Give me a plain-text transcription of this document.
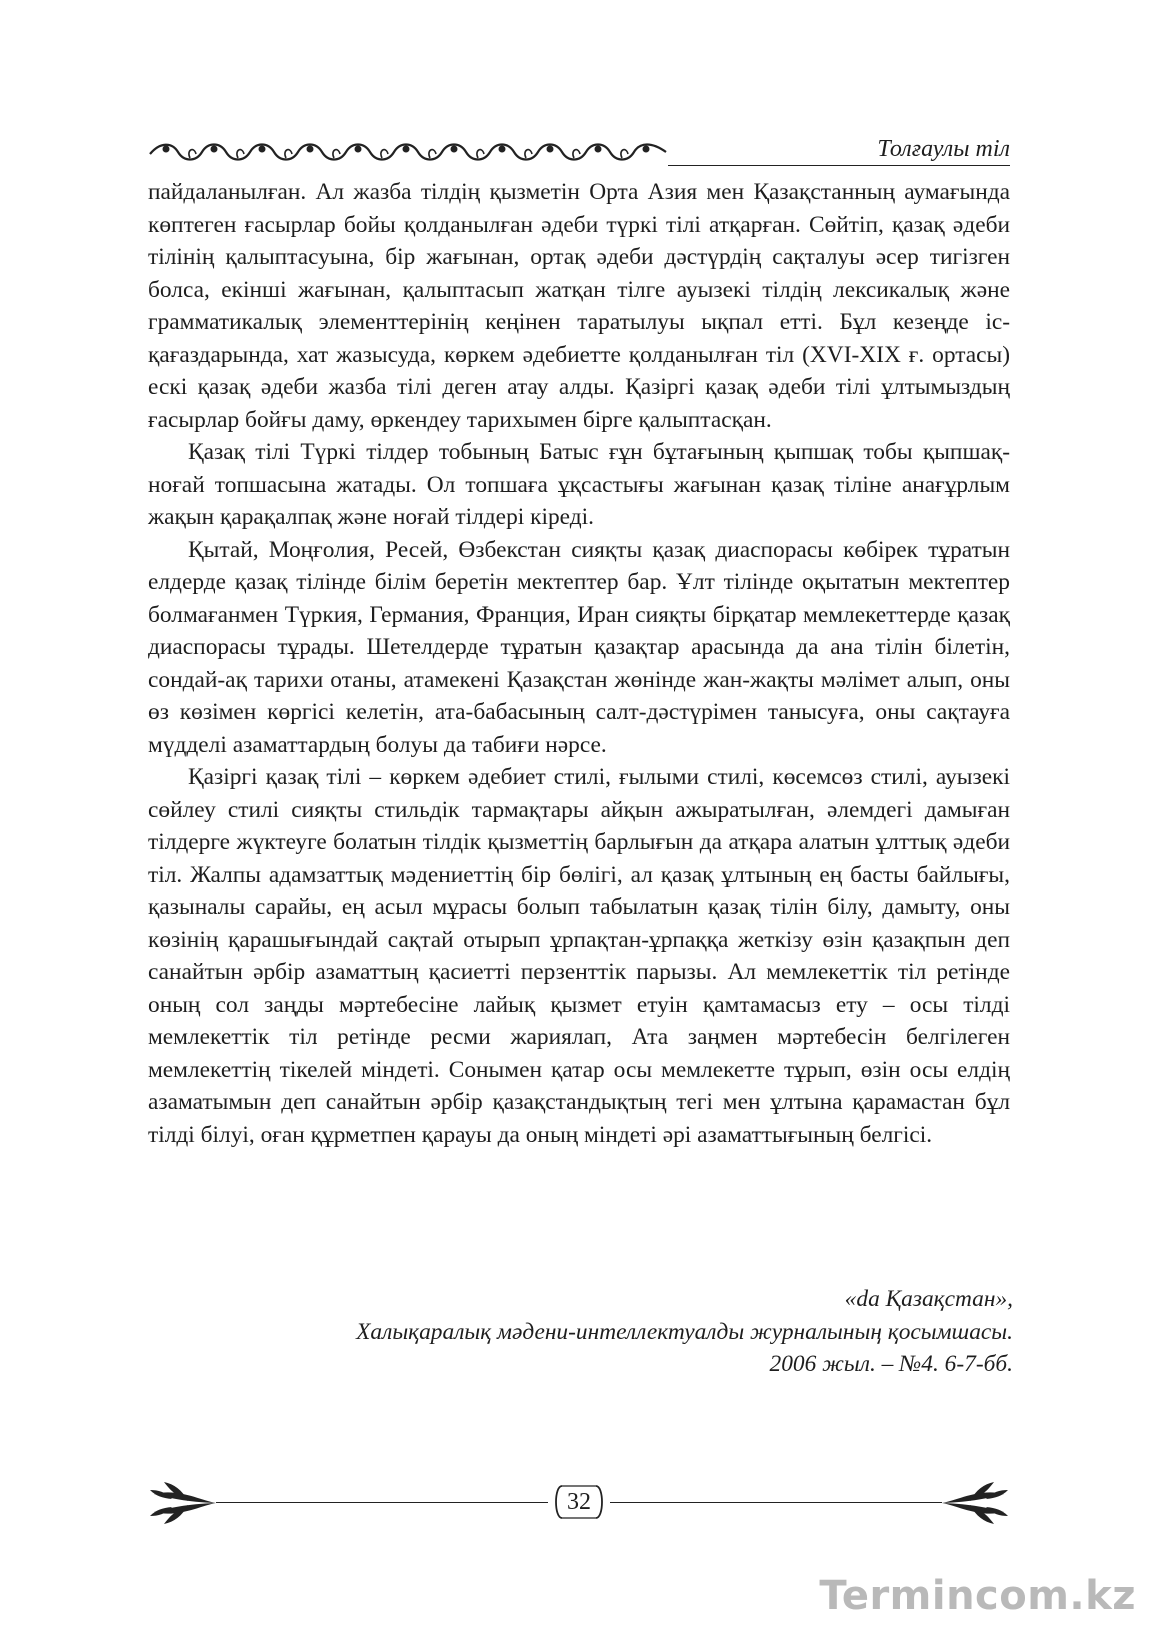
Толғаулы тіл

пайдаланылған. Ал жазба тілдің қызметін Орта Азия мен Қазақстанның аумағында көптеген ғасырлар бойы қолданылған әдеби түркі тілі атқарған. Сөйтіп, қазақ әдеби тілінің қалыптасуына, бір жағынан, ортақ әдеби дәстүрдің сақталуы әсер тигізген болса, екінші жағынан, қалыптасып жатқан тілге ауызекі тілдің лексикалық және грамматикалық элементтерінің кеңінен таратылуы ықпал етті. Бұл кезеңде іс-қағаздарында, хат жазысуда, көркем әдебиетте қолданылған тіл (XVI-XIX ғ. ортасы) ескі қазақ әдеби жазба тілі деген атау алды. Қазіргі қазақ әдеби тілі ұлтымыздың ғасырлар бойғы даму, өркендеу тарихымен бірге қалыптасқан.

Қазақ тілі Түркі тілдер тобының Батыс ғұн бұтағының қыпшақ тобы қыпшақ-ноғай топшасына жатады. Ол топшаға ұқсастығы жағынан қазақ тіліне анағұрлым жақын қарақалпақ және ноғай тілдері кіреді.

Қытай, Моңғолия, Ресей, Өзбекстан сияқты қазақ диаспорасы көбірек тұратын елдерде қазақ тілінде білім беретін мектептер бар. Ұлт тілінде оқытатын мектептер болмағанмен Түркия, Германия, Франция, Иран сияқты бірқатар мемлекеттерде қазақ диаспорасы тұрады. Шетелдерде тұратын қазақтар арасында да ана тілін білетін, сондай-ақ тарихи отаны, атамекені Қазақстан жөнінде жан-жақты мәлімет алып, оны өз көзімен көргісі келетін, ата-бабасының салт-дәстүрімен танысуға, оны сақтауға мүдделі азаматтардың болуы да табиғи нәрсе.

Қазіргі қазақ тілі – көркем әдебиет стилі, ғылыми стилі, көсемсөз стилі, ауызекі сөйлеу стилі сияқты стильдік тармақтары айқын ажыратылған, әлемдегі дамыған тілдерге жүктеуге болатын тілдік қызметтің барлығын да атқара алатын ұлттық әдеби тіл. Жалпы адамзаттық мәдениеттің бір бөлігі, ал қазақ ұлтының ең басты байлығы, қазыналы сарайы, ең асыл мұрасы болып табылатын қазақ тілін білу, дамыту, оны көзінің қарашығындай сақтай отырып ұрпақтан-ұрпаққа жеткізу өзін қазақпын деп санайтын әрбір азаматтың қасиетті перзенттік парызы. Ал мемлекеттік тіл ретінде оның сол заңды мәртебесіне лайық қызмет етуін қамтамасыз ету – осы тілді мемлекеттік тіл ретінде ресми жариялап, Ата заңмен мәртебесін белгілеген мемлекеттің тікелей міндеті. Сонымен қатар осы мемлекетте тұрып, өзін осы елдің азаматымын деп санайтын әрбір қазақстандықтың тегі мен ұлтына қарамастан бұл тілді білуі, оған құрметпен қарауы да оның міндеті әрі азаматтығының белгісі.

«da Қазақстан»,
Халықаралық мәдени-интеллектуалды журналының қосымшасы.
2006 жыл. – №4. 6-7-бб.
32
Termincom.kz
